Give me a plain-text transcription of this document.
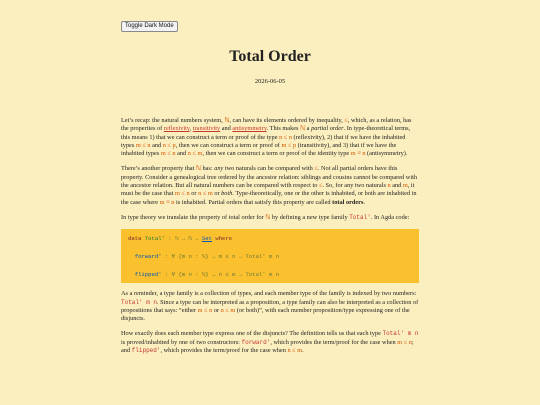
Toggle Dark Mode
Total Order
2026-06-05

Let’s recap: the natural numbers system, ℕ, can have its elements ordered by inequality, ≤, which, as a relation, has the properties of reflexivity, transitivity and antisymmetry. This makes ℕ a partial order. In type-theoretical terms, this means 1) that we can construct a term or proof of the type n ≤ n (reflexivity), 2) that if we have the inhabited types m ≤ n and n ≤ p, then we can construct a term or proof of m ≤ p (transitivity), and 3) that if we have the inhabited types m ≤ n and n ≤ m, then we can construct a term or proof of the identity type m ≡ n (antisymmetry).

There’s another property that ℕ has: any two naturals can be compared with ≤. Not all partial orders have this property. Consider a genealogical tree ordered by the ancestor relation: siblings and cousins cannot be compared with the ancestor relation. But all natural numbers can be compared with respect to ≤. So, for any two naturals n and m, it must be the case that m ≤ n or n ≤ m or both. Type-theoretically, one or the other is inhabited, or both are inhabited in the case where m ≡ n is inhabited. Partial orders that satisfy this property are called total orders.

In type theory we translate the property of total order for ℕ by defining a new type family Total′. In Agda code:

data Total′ : ℕ → ℕ → Set where
forward′ : ∀ {m n : ℕ} → m ≤ n → Total′ m n
flipped′ : ∀ {m n : ℕ} → n ≤ m → Total′ m n

As a reminder, a type family is a collection of types, and each member type of the family is indexed by two numbers: Total′ m n. Since a type can be interpreted as a proposition, a type family can also be interpreted as a collection of propositions that says: “either m ≤ n or n ≤ m (or both)”, with each member proposition/type expressing one of the disjuncts.

How exactly does each member type express one of the disjuncts? The definition tells us that each type Total′ m n is proved/inhabited by one of two constructors: forward′, which provides the term/proof for the case when m ≤ n; and flipped′, which provides the term/proof for the case when n ≤ m.
